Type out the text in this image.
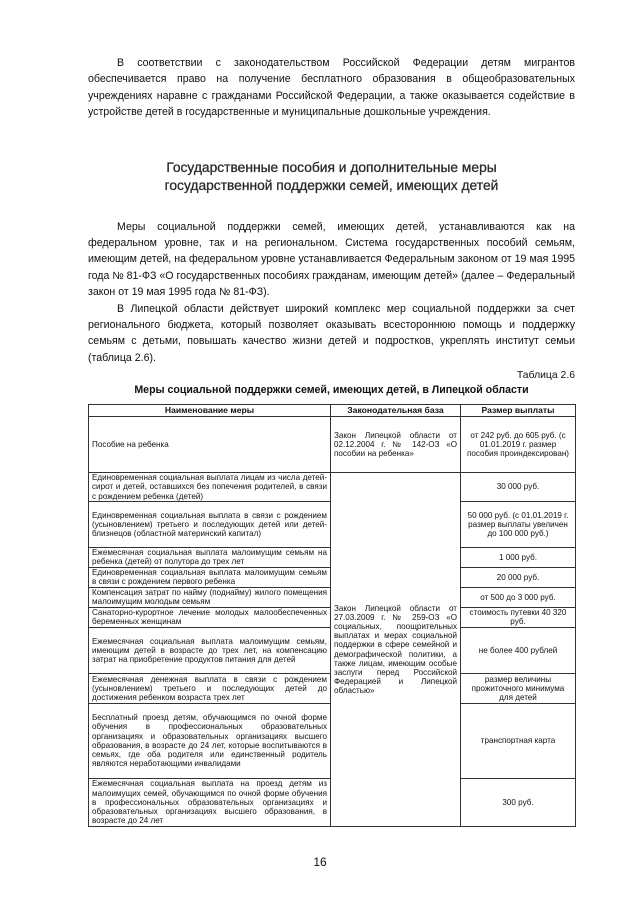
В соответствии с законодательством Российской Федерации детям мигрантов обеспечивается право на получение бесплатного образования в общеобразовательных учреждениях наравне с гражданами Российской Федерации, а также оказывается содействие в устройстве детей в государственные и муниципальные дошкольные учреждения.

Государственные пособия и дополнительные меры
государственной поддержки семей, имеющих детей

Меры социальной поддержки семей, имеющих детей, устанавливаются как на федеральном уровне, так и на региональном. Система государственных пособий семьям, имеющим детей, на федеральном уровне устанавливается Федеральным законом от 19 мая 1995 года № 81-ФЗ «О государственных пособиях гражданам, имеющим детей» (далее – Федеральный закон от 19 мая 1995 года № 81-ФЗ).

В Липецкой области действует широкий комплекс мер социальной поддержки за счет регионального бюджета, который позволяет оказывать всестороннюю помощь и поддержку семьям с детьми, повышать качество жизни детей и подростков, укреплять институт семьи (таблица 2.6).

Таблица 2.6
Меры социальной поддержки семей, имеющих детей, в Липецкой области
Наименование меры	Законодательная база	Размер выплаты
Пособие на ребенка	Закон Липецкой области от 02.12.2004 г. № 142-ОЗ «О пособии на ребенка»	от 242 руб. до 605 руб. (с 01.01.2019 г. размер пособия проиндексирован)
Единовременная социальная выплата лицам из числа детей-сирот и детей, оставшихся без попечения родителей, в связи с рождением ребенка (детей)	Закон Липецкой области от 27.03.2009 г. № 259-ОЗ «О социальных, поощрительных выплатах и мерах социальной поддержки в сфере семейной и демографической политики, а также лицам, имеющим особые заслуги перед Российской Федерацией и Липецкой областью»	30 000 руб.
Единовременная социальная выплата в связи с рождением (усыновлением) третьего и последующих детей или детей-близнецов (областной материнский капитал)		50 000 руб. (с 01.01.2019 г. размер выплаты увеличен до 100 000 руб.)
Ежемесячная социальная выплата малоимущим семьям на ребенка (детей) от полутора до трех лет		1 000 руб.
Единовременная социальная выплата малоимущим семьям в связи с рождением первого ребенка		20 000 руб.
Компенсация затрат по найму (поднайму) жилого помещения малоимущим молодым семьям		от 500 до 3 000 руб.
Санаторно-курортное лечение молодых малообеспеченных беременных женщинам		стоимость путевки 40 320 руб.
Ежемесячная социальная выплата малоимущим семьям, имеющим детей в возрасте до трех лет, на компенсацию затрат на приобретение продуктов питания для детей		не более 400 рублей
Ежемесячная денежная выплата в связи с рождением (усыновлением) третьего и последующих детей до достижения ребенком возраста трех лет		размер величины прожиточного минимума для детей
Бесплатный проезд детям, обучающимся по очной форме обучения в профессиональных образовательных организациях и образовательных организациях высшего образования, в возрасте до 24 лет, которые воспитываются в семьях, где оба родителя или единственный родитель являются неработающими инвалидами		транспортная карта
Ежемесячная социальная выплата на проезд детям из малоимущих семей, обучающимся по очной форме обучения в профессиональных образовательных организациях и образовательных организациях высшего образования, в возрасте до 24 лет		300 руб.
16
